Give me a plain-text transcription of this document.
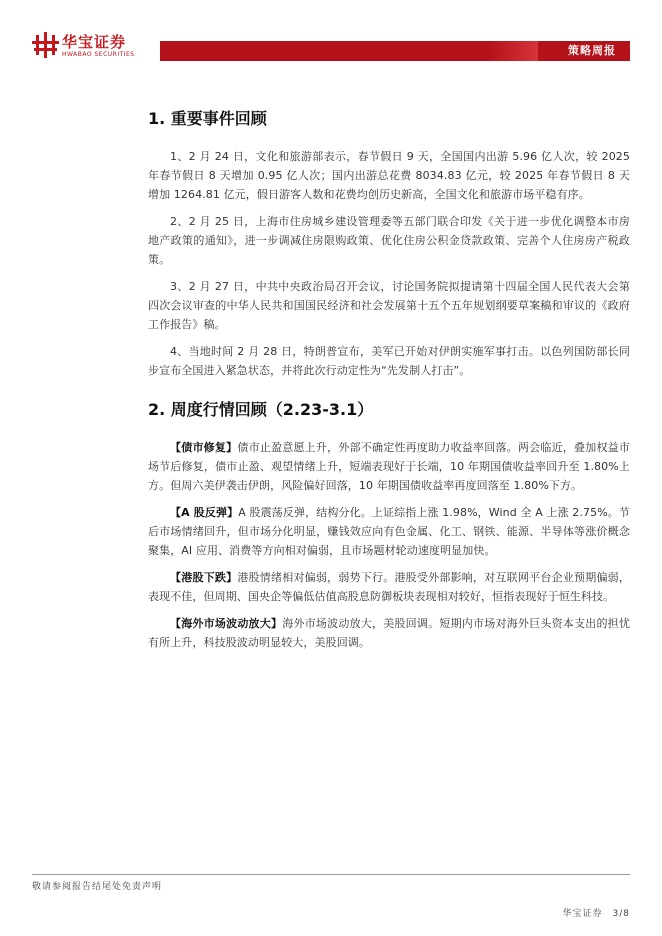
华宝证券
HWABAO SECURITIES	策略周报
1. 重要事件回顾

1、2 月 24 日，文化和旅游部表示，春节假日 9 天，全国国内出游 5.96 亿人次，较 2025 年春节假日 8 天增加 0.95 亿人次；国内出游总花费 8034.83 亿元，较 2025 年春节假日 8 天增加 1264.81 亿元，假日游客人数和花费均创历史新高，全国文化和旅游市场平稳有序。

2、2 月 25 日，上海市住房城乡建设管理委等五部门联合印发《关于进一步优化调整本市房地产政策的通知》，进一步调减住房限购政策、优化住房公积金贷款政策、完善个人住房房产税政策。

3、2 月 27 日，中共中央政治局召开会议，讨论国务院拟提请第十四届全国人民代表大会第四次会议审查的中华人民共和国国民经济和社会发展第十五个五年规划纲要草案稿和审议的《政府工作报告》稿。

4、当地时间 2 月 28 日，特朗普宣布，美军已开始对伊朗实施军事打击。以色列国防部长同步宣布全国进入紧急状态，并将此次行动定性为“先发制人打击”。

2. 周度行情回顾（2.23-3.1）

【债市修复】债市止盈意愿上升，外部不确定性再度助力收益率回落。两会临近，叠加权益市场节后修复，债市止盈、观望情绪上升，短端表现好于长端，10 年期国债收益率回升至 1.80%上方。但周六美伊袭击伊朗，风险偏好回落，10 年期国债收益率再度回落至 1.80%下方。

【A 股反弹】A 股震荡反弹，结构分化。上证综指上涨 1.98%，Wind 全 A 上涨 2.75%。节后市场情绪回升，但市场分化明显，赚钱效应向有色金属、化工、钢铁、能源、半导体等涨价概念聚集，AI 应用、消费等方向相对偏弱，且市场题材轮动速度明显加快。

【港股下跌】港股情绪相对偏弱，弱势下行。港股受外部影响，对互联网平台企业预期偏弱，表现不佳，但周期、国央企等偏低估值高股息防御板块表现相对较好，恒指表现好于恒生科技。

【海外市场波动放大】海外市场波动放大，美股回调。短期内市场对海外巨头资本支出的担忧有所上升，科技股波动明显较大，美股回调。

敬请参阅报告结尾处免责声明
华宝证券 3/8
